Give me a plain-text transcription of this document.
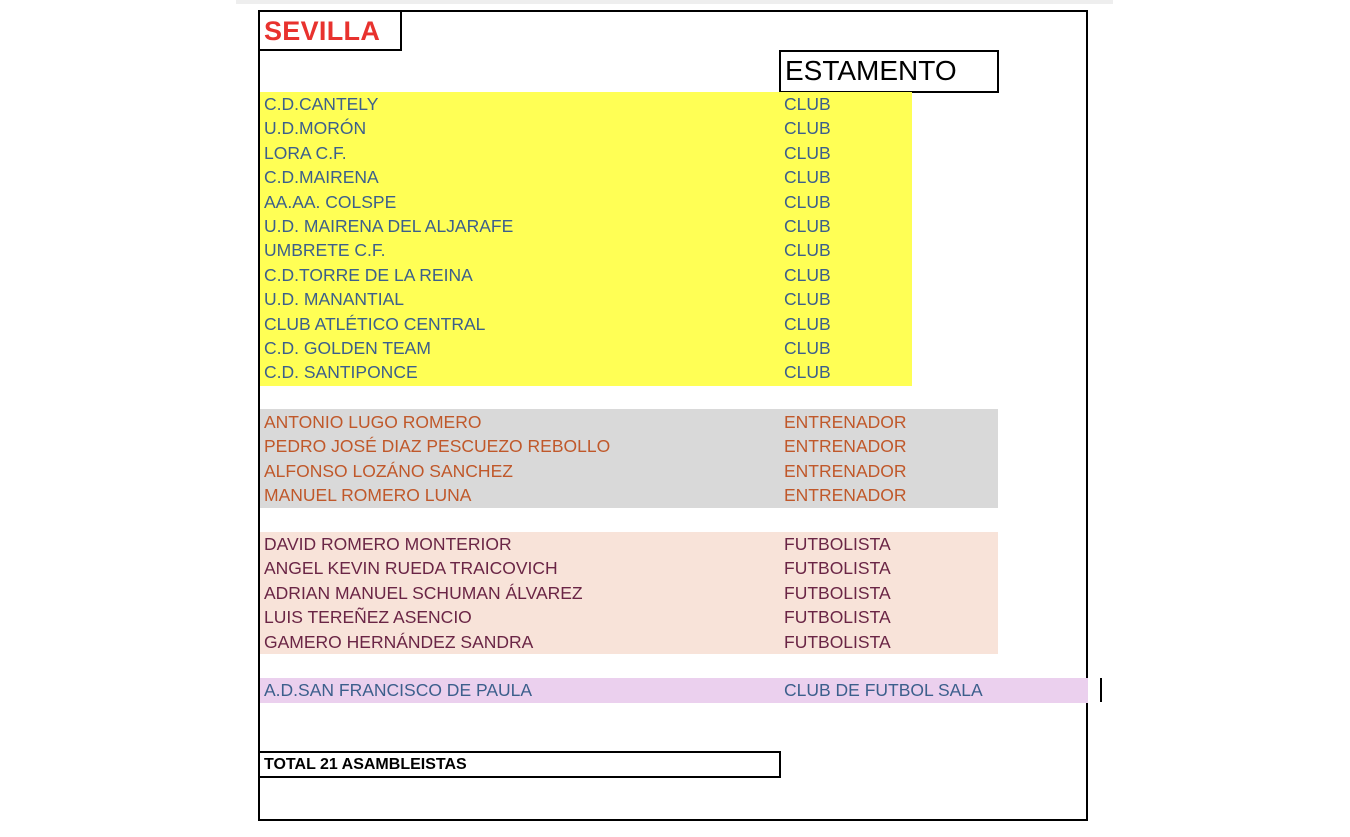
SEVILLA
ESTAMENTO
C.D.CANTELY	CLUB
U.D.MORÓN	CLUB
LORA C.F.	CLUB
C.D.MAIRENA	CLUB
AA.AA. COLSPE	CLUB
U.D. MAIRENA DEL ALJARAFE	CLUB
UMBRETE C.F.	CLUB
C.D.TORRE DE LA REINA	CLUB
U.D. MANANTIAL	CLUB
CLUB ATLÉTICO CENTRAL	CLUB
C.D. GOLDEN TEAM	CLUB
C.D. SANTIPONCE	CLUB
ANTONIO LUGO ROMERO	ENTRENADOR
PEDRO JOSÉ DIAZ PESCUEZO REBOLLO	ENTRENADOR
ALFONSO LOZÁNO SANCHEZ	ENTRENADOR
MANUEL ROMERO LUNA	ENTRENADOR
DAVID ROMERO MONTERIOR	FUTBOLISTA
ANGEL KEVIN RUEDA TRAICOVICH	FUTBOLISTA
ADRIAN MANUEL SCHUMAN ÁLVAREZ	FUTBOLISTA
LUIS TEREÑEZ ASENCIO	FUTBOLISTA
GAMERO HERNÁNDEZ SANDRA	FUTBOLISTA
A.D.SAN FRANCISCO DE PAULA	CLUB DE FUTBOL SALA
TOTAL 21 ASAMBLEISTAS
